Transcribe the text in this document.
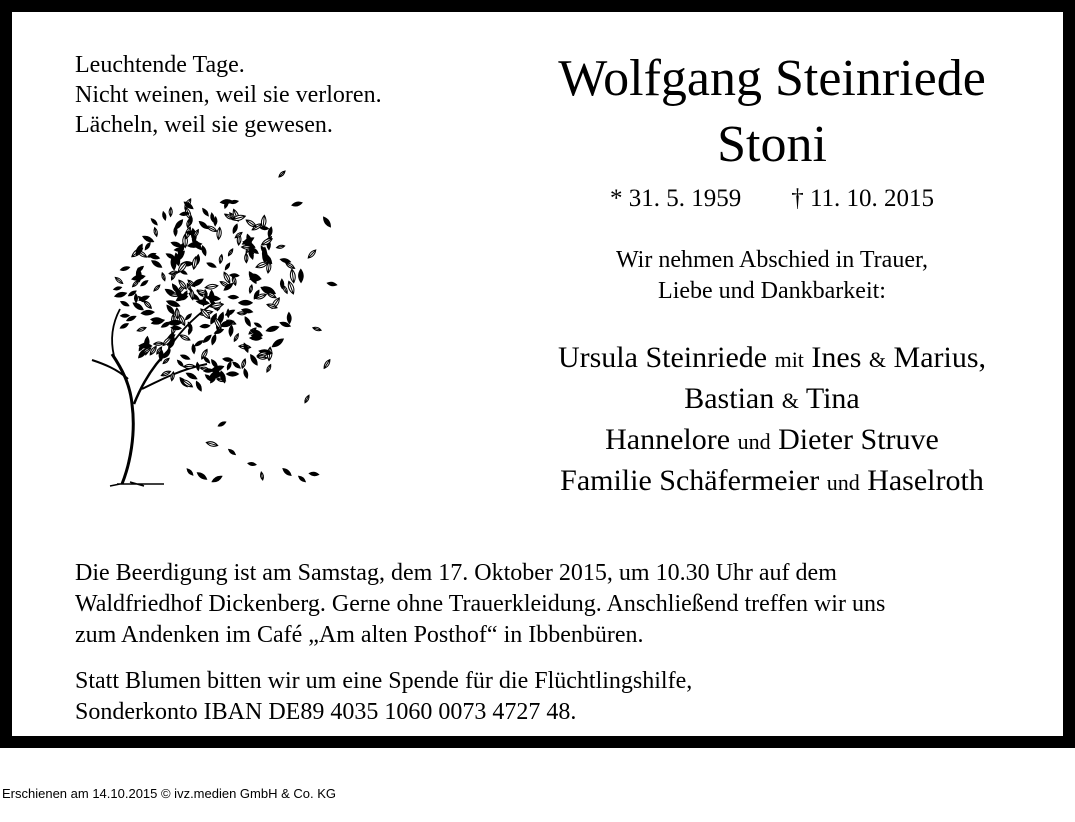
Leuchtende Tage.
Nicht weinen, weil sie verloren.
Lächeln, weil sie gewesen.
Wolfgang Steinriede
Stoni
* 31. 5. 1959        † 11. 10. 2015
Wir nehmen Abschied in Trauer,
Liebe und Dankbarkeit:
Ursula Steinriede mit Ines & Marius,
Bastian & Tina
Hannelore und Dieter Struve
Familie Schäfermeier und Haselroth
Die Beerdigung ist am Samstag, dem 17. Oktober 2015, um 10.30 Uhr auf dem
Waldfriedhof Dickenberg. Gerne ohne Trauerkleidung. Anschließend treffen wir uns
zum Andenken im Café „Am alten Posthof“ in Ibbenbüren.
Statt Blumen bitten wir um eine Spende für die Flüchtlingshilfe,
Sonderkonto IBAN DE89 4035 1060 0073 4727 48.
Erschienen am 14.10.2015 © ivz.medien GmbH & Co. KG
